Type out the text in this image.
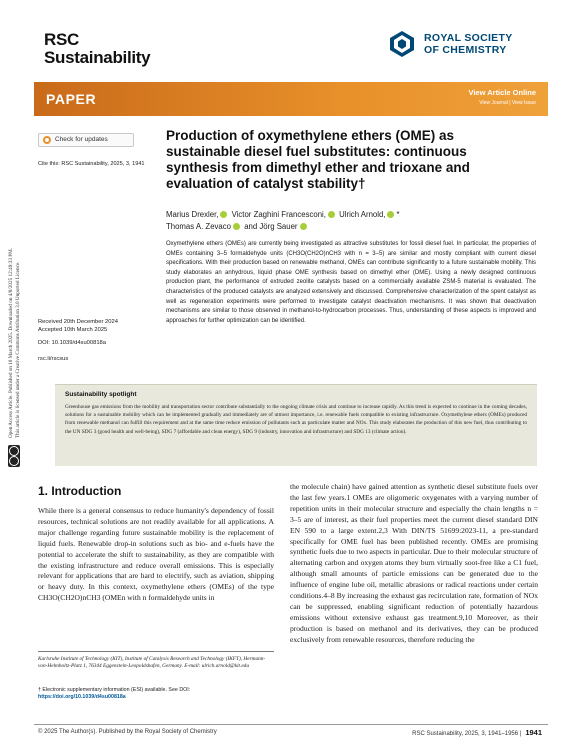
RSC
Sustainability
ROYAL SOCIETY
OF CHEMISTRY
PAPER	View Article Online
View Journal | View Issue
Open Access Article. Published on 10 March 2025. Downloaded on 4/8/2025 12:49:33 PM. This article is licensed under a Creative Commons Attribution 3.0 Unported Licence.
Check for updates
Cite this: RSC Sustainability, 2025, 3, 1941
Production of oxymethylene ethers (OME) as sustainable diesel fuel substitutes: continuous synthesis from dimethyl ether and trioxane and evaluation of catalyst stability†
Marius Drexler, Victor Zaghini Francesconi, Ulrich Arnold, *
Thomas A. Zevaco and Jörg Sauer

Oxymethylene ethers (OMEs) are currently being investigated as attractive substitutes for fossil diesel fuel. In particular, the properties of OMEs containing 3–5 formaldehyde units (CH3O(CH2O)nCH3 with n = 3–5) are similar and mostly compliant with current diesel specifications. With their production based on renewable methanol, OMEs can contribute significantly to a future sustainable mobility. This study elaborates an anhydrous, liquid phase OME synthesis based on dimethyl ether (DME). Using a newly designed continuous production plant, the performance of extruded zeolite catalysts based on a commercially available ZSM-5 material is evaluated. The characteristics of the produced catalysts are analyzed extensively and discussed. Comprehensive characterization of the spent catalyst as well as regeneration experiments were performed to investigate catalyst deactivation mechanisms. It was shown that deactivation mechanisms are similar to those observed in methanol-to-hydrocarbon processes. Thus, understanding of these aspects is improved and approaches for further optimization can be identified.

Received 20th December 2024
Accepted 10th March 2025
DOI: 10.1039/d4su00818a
rsc.li/rscsus
Sustainability spotlight

Greenhouse gas emissions from the mobility and transportation sector contribute substantially to the ongoing climate crisis and continue to increase rapidly. As this trend is expected to continue in the coming decades, solutions for a sustainable mobility which can be implemented gradually and immediately are of utmost importance, i.e. renewable fuels compatible to existing infrastructure. Oxymethylene ethers (OMEs) produced from renewable methanol can fulfill this requirement and at the same time reduce emission of pollutants such as particulate matter and NOx. This study elaborates the production of this new fuel, thus contributing to the UN SDG 3 (good health and well-being), SDG 7 (affordable and clean energy), SDG 9 (industry, innovation and infrastructure) and SDG 13 (climate action).

1. Introduction

While there is a general consensus to reduce humanity's dependency of fossil resources, technical solutions are not readily available for all applications. A major challenge regarding future sustainable mobility is the replacement of liquid fuels. Renewable drop-in solutions such as bio- and e-fuels have the potential to accelerate the shift to sustainability, as they are compatible with the existing infrastructure and reduce overall emissions. This is especially relevant for applications that are hard to electrify, such as aviation, shipping or heavy duty. In this context, oxymethylene ethers (OMEs) of the type CH3O(CH2O)nCH3 (OMEn with n formaldehyde units in

the molecule chain) have gained attention as synthetic diesel substitute fuels over the last few years.1 OMEs are oligomeric oxygenates with a varying number of repetition units in their molecular structure and especially the chain lengths n = 3–5 are of interest, as their fuel properties meet the current diesel standard DIN EN 590 to a large extent.2,3 With DIN/TS 51699:2023-11, a pre-standard specifically for OME fuel has been published recently. OMEs are promising synthetic fuels due to two aspects in particular. Due to their molecular structure of alternating carbon and oxygen atoms they burn virtually soot-free like a C1 fuel, although small amounts of particle emissions can be generated due to the influence of engine lube oil, metallic abrasions or radical reactions under certain conditions.4–8 By increasing the exhaust gas recirculation rate, formation of NOx can be suppressed, enabling significant reduction of potentially hazardous emissions without extensive exhaust gas treatment.9,10 Moreover, as their production is based on methanol and its derivatives, they can be produced exclusively from renewable resources, therefore reducing the

Karlsruhe Institute of Technology (KIT), Institute of Catalysis Research and Technology (IKFT), Hermann-von-Helmholtz-Platz 1, 76344 Eggenstein-Leopoldshafen, Germany. E-mail: ulrich.arnold@kit.edu

† Electronic supplementary information (ESI) available. See DOI:
https://doi.org/10.1039/d4su00818a
© 2025 The Author(s). Published by the Royal Society of Chemistry	RSC Sustainability, 2025, 3, 1941–1956 | 1941
